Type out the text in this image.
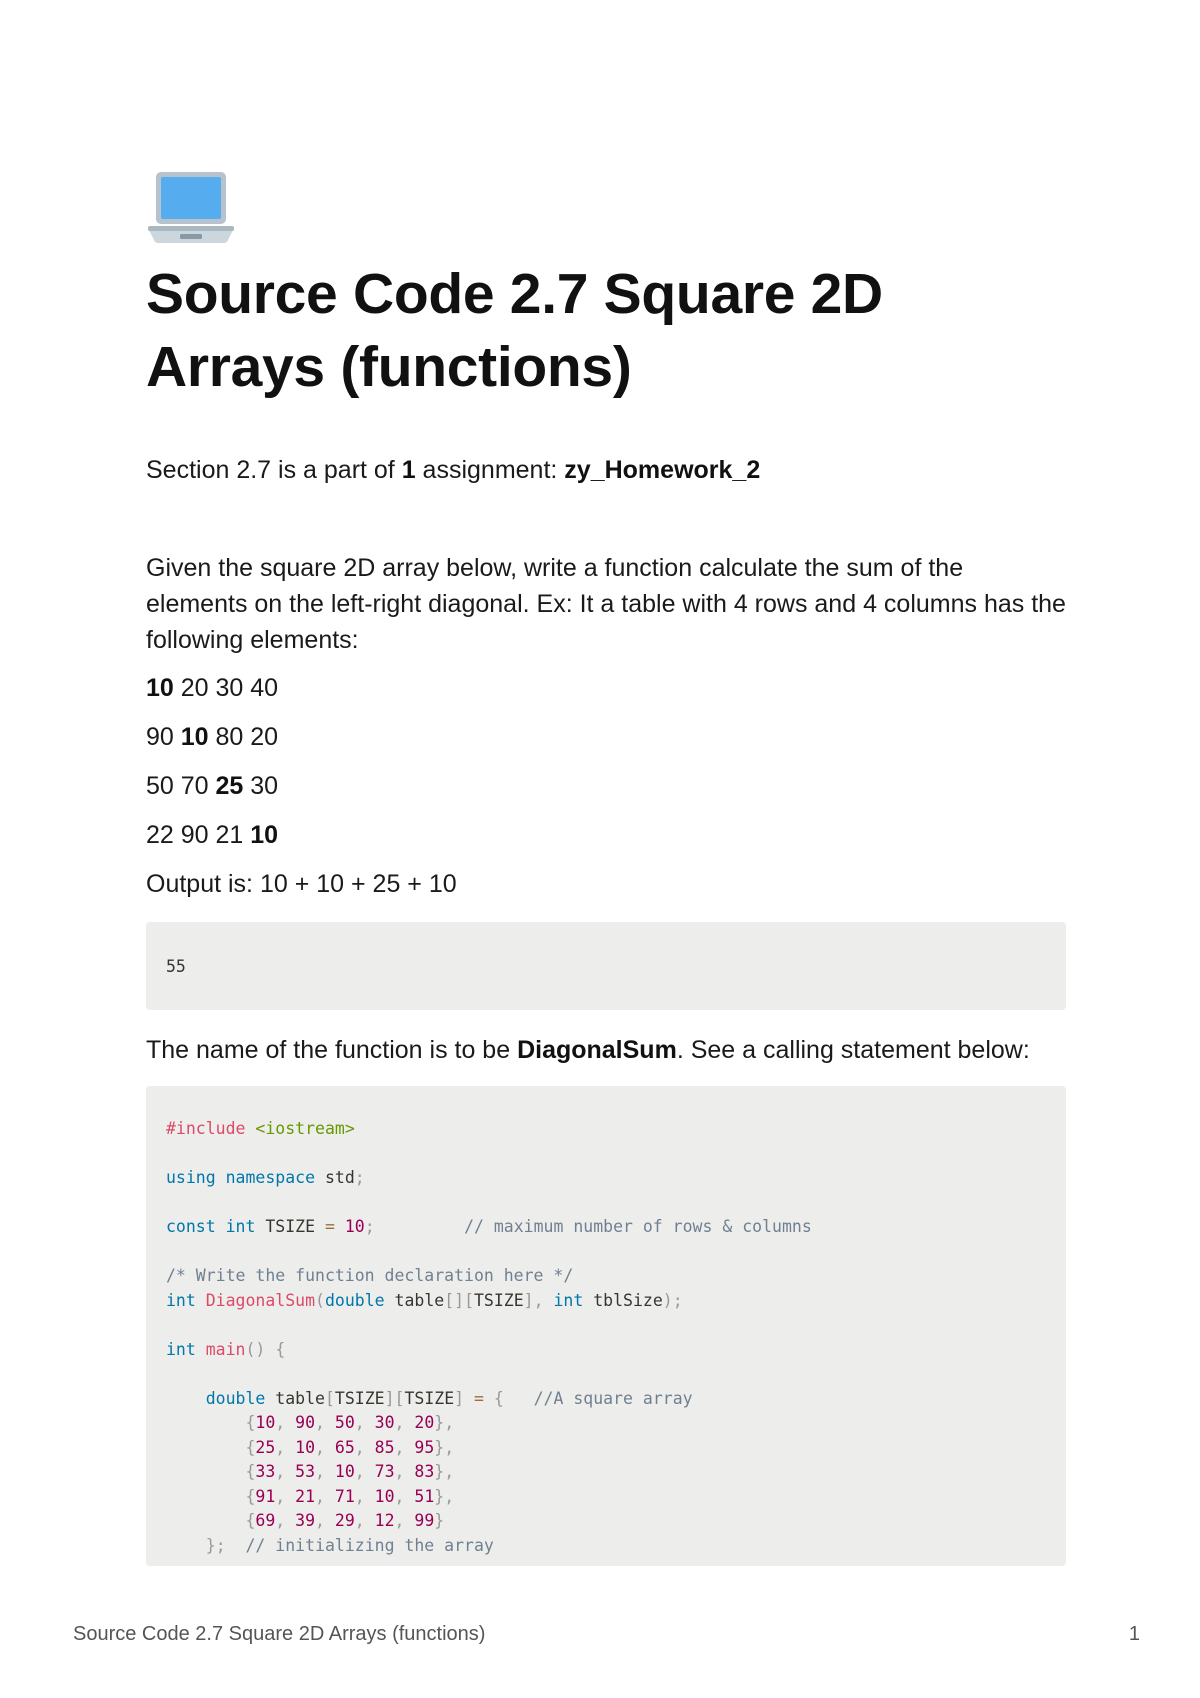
Source Code 2.7 Square 2D Arrays (functions)

Section 2.7 is a part of 1 assignment: zy_Homework_2

Given the square 2D array below, write a function calculate the sum of the elements on the left-right diagonal. Ex: It a table with 4 rows and 4 columns has the following elements:

10 20 30 40

90 10 80 20

50 70 25 30

22 90 21 10

Output is: 10 + 10 + 25 + 10

55

The name of the function is to be DiagonalSum. See a calling statement below:

#include <iostream>
using namespace std;
const int TSIZE = 10;	// maximum number of rows & columns
/* Write the function declaration here */
int DiagonalSum(double table[][TSIZE], int tblSize);
int main() {
double table[TSIZE][TSIZE] = { //A square array
{10, 90, 50, 30, 20},
{25, 10, 65, 85, 95},
{33, 53, 10, 73, 83},
{91, 21, 71, 10, 51},
{69, 39, 29, 12, 99}
}; // initializing the array
Source Code 2.7 Square 2D Arrays (functions)	1
